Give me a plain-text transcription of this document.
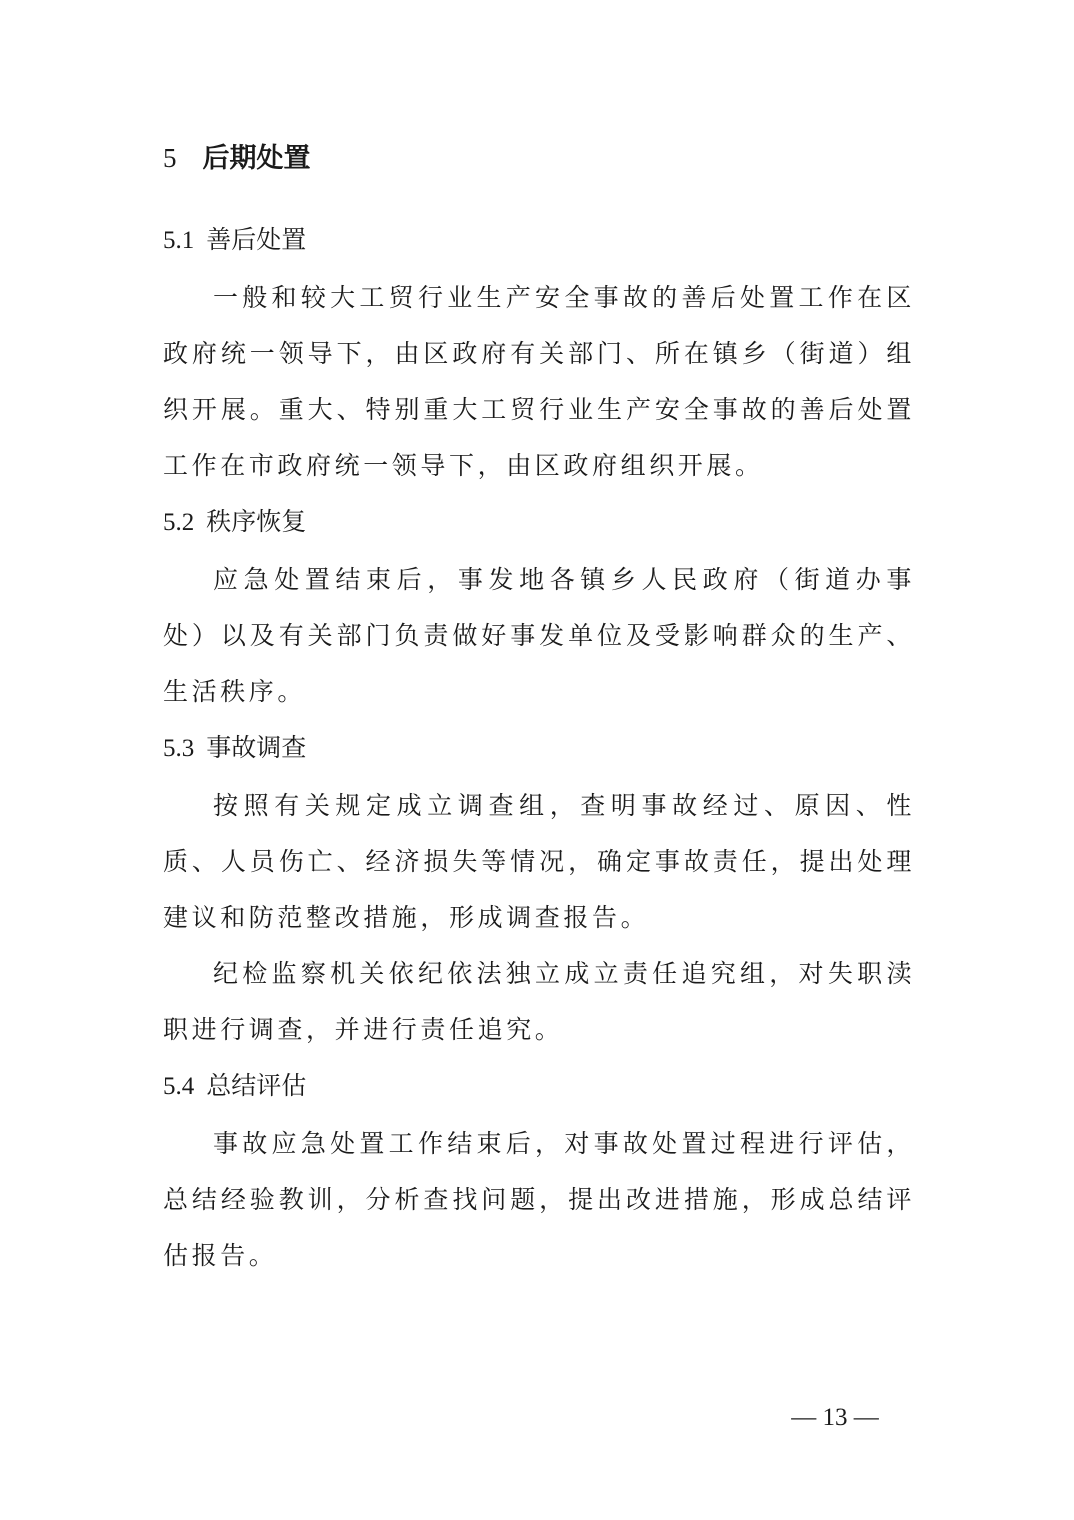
5 后期处置
5.1 善后处置

一般和较大工贸行业生产安全事故的善后处置工作在区政府统一领导下，由区政府有关部门、所在镇乡（街道）组织开展。重大、特别重大工贸行业生产安全事故的善后处置工作在市政府统一领导下，由区政府组织开展。

5.2 秩序恢复

应急处置结束后，事发地各镇乡人民政府（街道办事处）以及有关部门负责做好事发单位及受影响群众的生产、生活秩序。

5.3 事故调查

按照有关规定成立调查组，查明事故经过、原因、性质、人员伤亡、经济损失等情况，确定事故责任，提出处理建议和防范整改措施，形成调查报告。

纪检监察机关依纪依法独立成立责任追究组，对失职渎职进行调查，并进行责任追究。

5.4 总结评估

事故应急处置工作结束后，对事故处置过程进行评估，总结经验教训，分析查找问题，提出改进措施，形成总结评估报告。

— 13 —
